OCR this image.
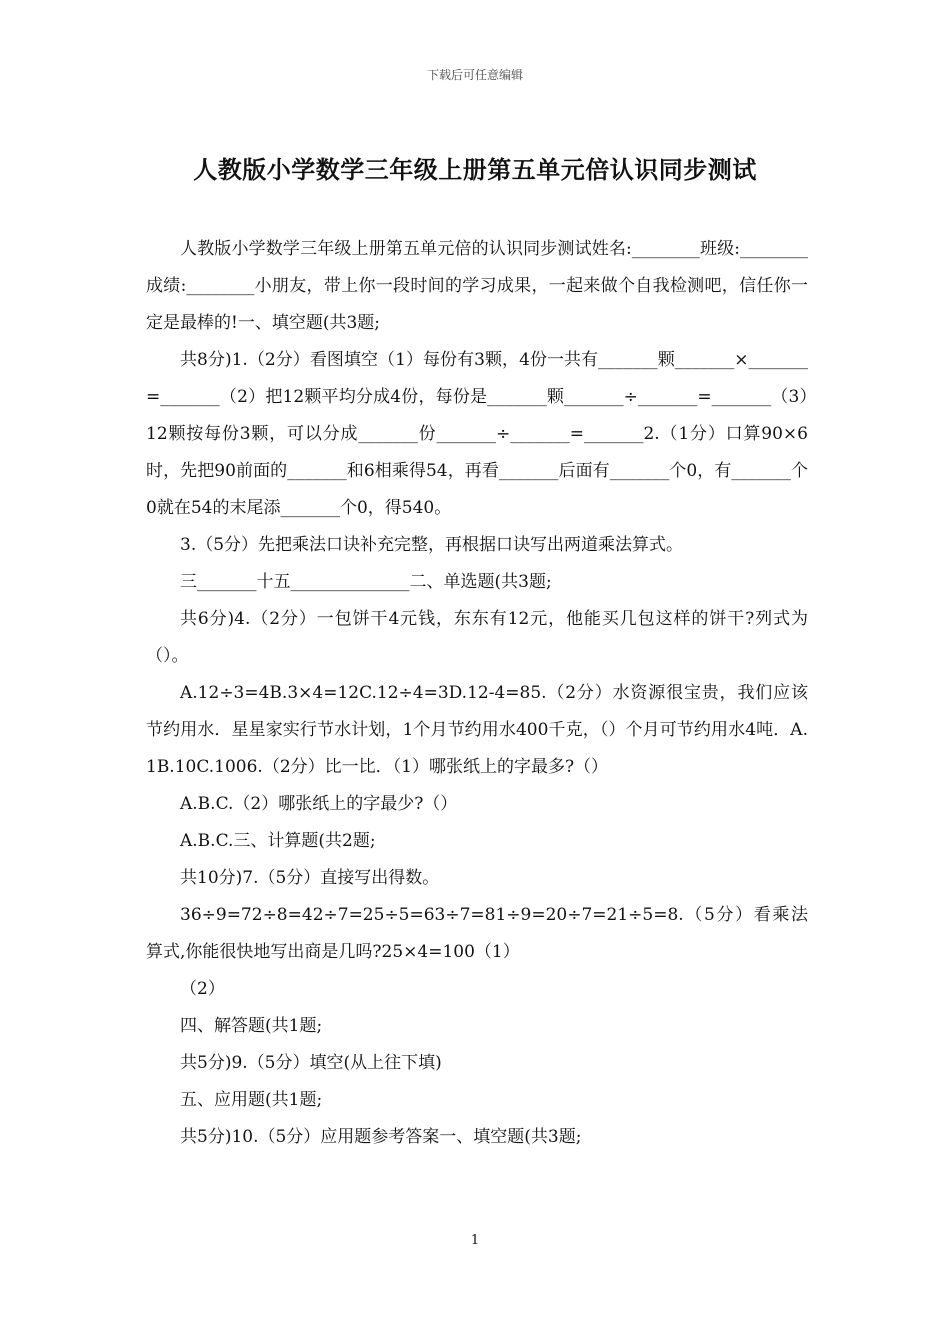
下载后可任意编辑
人教版小学数学三年级上册第五单元倍认识同步测试

人教版小学数学三年级上册第五单元倍的认识同步测试姓名:________班级:________成绩:________小朋友，带上你一段时间的学习成果，一起来做个自我检测吧，信任你一定是最棒的!一、填空题(共3题;

共8分)1.（2分）看图填空（1）每份有3颗，4份一共有_______颗_______×_______=_______（2）把12颗平均分成4份，每份是_______颗_______÷_______=_______（3）12颗按每份3颗，可以分成_______份_______÷_______=_______2.（1分）口算90×6时，先把90前面的_______和6相乘得54，再看_______后面有_______个0，有_______个0就在54的末尾添_______个0，得540。

3.（5分）先把乘法口诀补充完整，再根据口诀写出两道乘法算式。

三_______十五______________二、单选题(共3题;

共6分)4.（2分）一包饼干4元钱，东东有12元，他能买几包这样的饼干?列式为（）。

A.12÷3=4B.3×4=12C.12÷4=3D.12-4=85.（2分）水资源很宝贵，我们应该节约用水．星星家实行节水计划，1个月节约用水400千克，（）个月可节约用水4吨．A.1B.10C.1006.（2分）比一比．（1）哪张纸上的字最多?（）

A.B.C.（2）哪张纸上的字最少?（）

A.B.C.三、计算题(共2题;

共10分)7.（5分）直接写出得数。

36÷9=72÷8=42÷7=25÷5=63÷7=81÷9=20÷7=21÷5=8.（5分）看乘法算式,你能很快地写出商是几吗?25×4=100（1）

（2）

四、解答题(共1题;

共5分)9.（5分）填空(从上往下填)

五、应用题(共1题;

共5分)10.（5分）应用题参考答案一、填空题(共3题;

1
